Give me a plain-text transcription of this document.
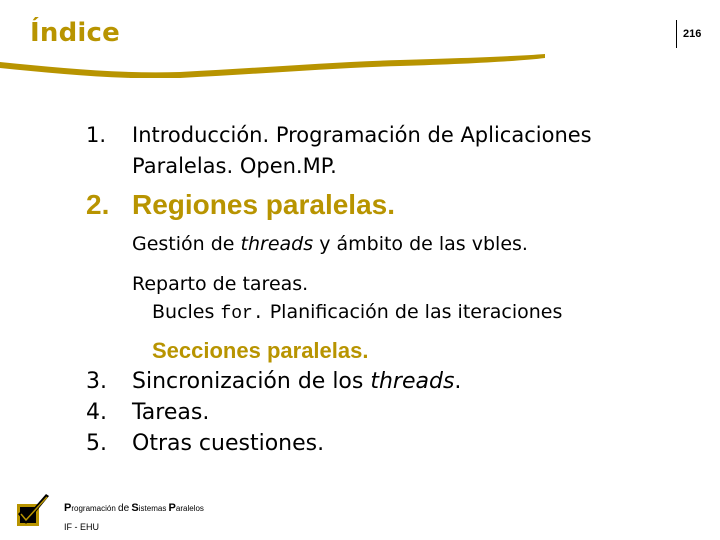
Índice	216
1.	Introducción. Programación de Aplicaciones
Paralelas. Open.MP.
2. Regiones paralelas.
Gestión de threads y ámbito de las vbles.
Reparto de tareas.
Bucles for. Planificación de las iteraciones
Secciones paralelas.
3.	Sincronización de los threads.
4.	Tareas.
5.	Otras cuestiones.
Programación de Sistemas Paralelos
IF - EHU
